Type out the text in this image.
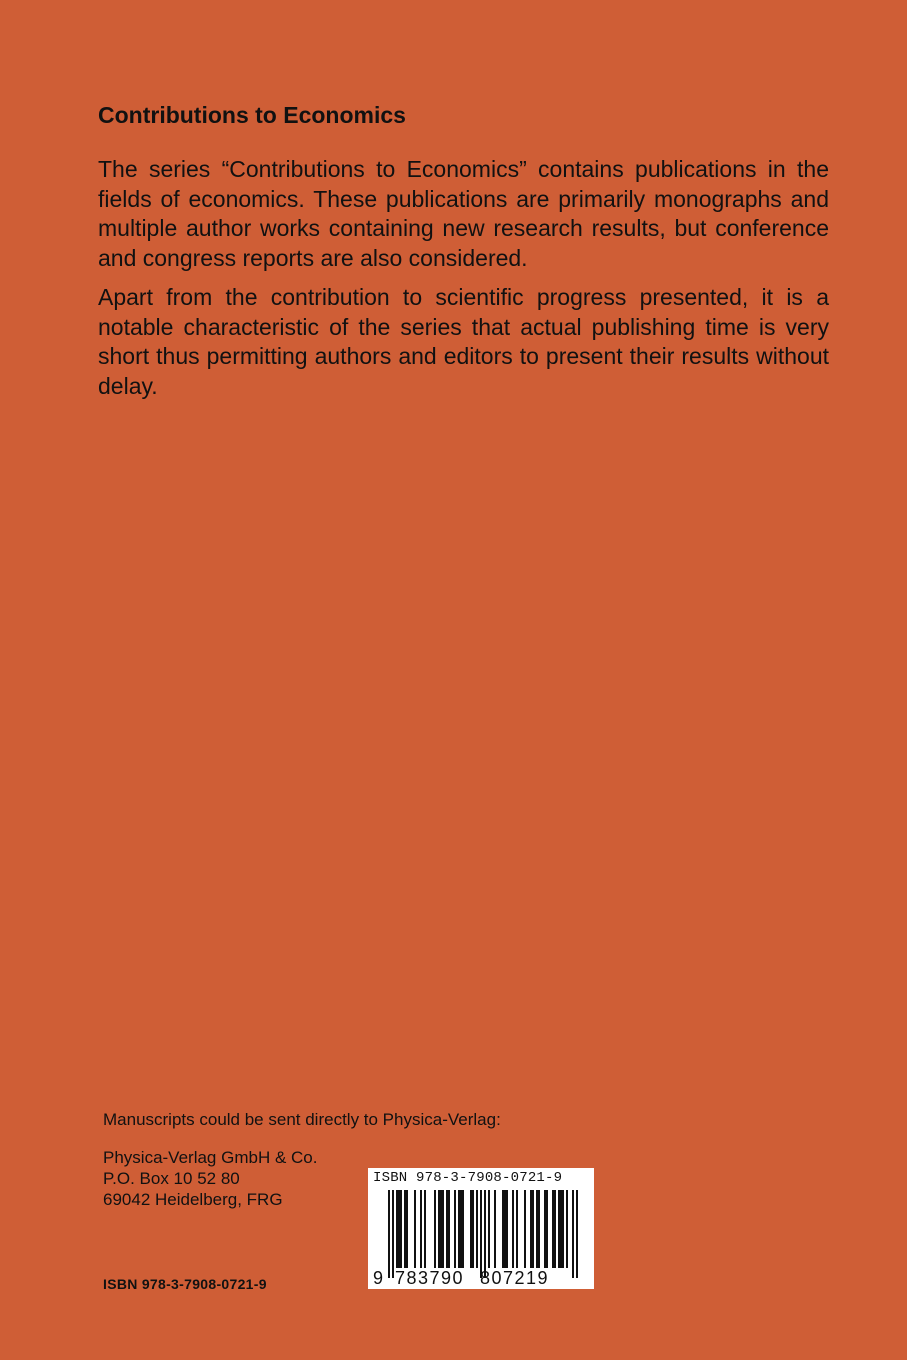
Contributions to Economics

The series “Contributions to Economics” contains publications in the fields of economics. These publications are primarily monographs and multiple author works containing new research results, but conference and congress reports are also considered.

Apart from the contribution to scientific progress presented, it is a notable characteristic of the series that actual publishing time is very short thus permitting authors and editors to present their results without delay.

Manuscripts could be sent directly to Physica-Verlag:

Physica-Verlag GmbH & Co.
P.O. Box 10 52 80
69042 Heidelberg, FRG
ISBN 978-3-7908-0721-9
ISBN 978-3-7908-0721-9
9 783790 807219
